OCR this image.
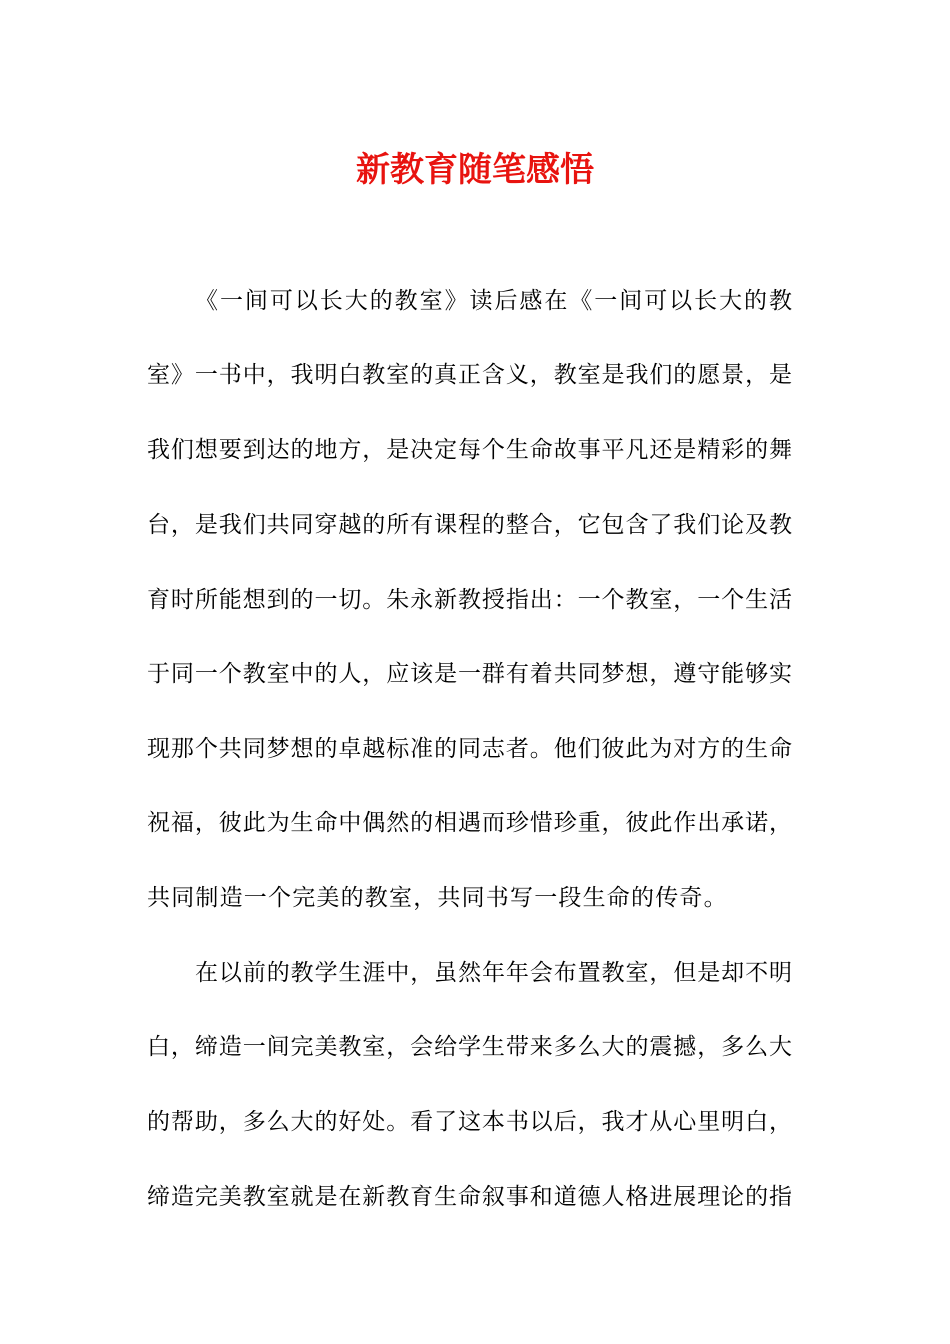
新教育随笔感悟
《一间可以长大的教室》读后感在《一间可以长大的教
室》一书中，我明白教室的真正含义，教室是我们的愿景，是
我们想要到达的地方，是决定每个生命故事平凡还是精彩的舞
台，是我们共同穿越的所有课程的整合，它包含了我们论及教
育时所能想到的一切。朱永新教授指出：一个教室，一个生活
于同一个教室中的人，应该是一群有着共同梦想，遵守能够实
现那个共同梦想的卓越标准的同志者。他们彼此为对方的生命
祝福，彼此为生命中偶然的相遇而珍惜珍重，彼此作出承诺，
共同制造一个完美的教室，共同书写一段生命的传奇。
在以前的教学生涯中，虽然年年会布置教室，但是却不明
白，缔造一间完美教室，会给学生带来多么大的震撼，多么大
的帮助，多么大的好处。看了这本书以后，我才从心里明白，
缔造完美教室就是在新教育生命叙事和道德人格进展理论的指
